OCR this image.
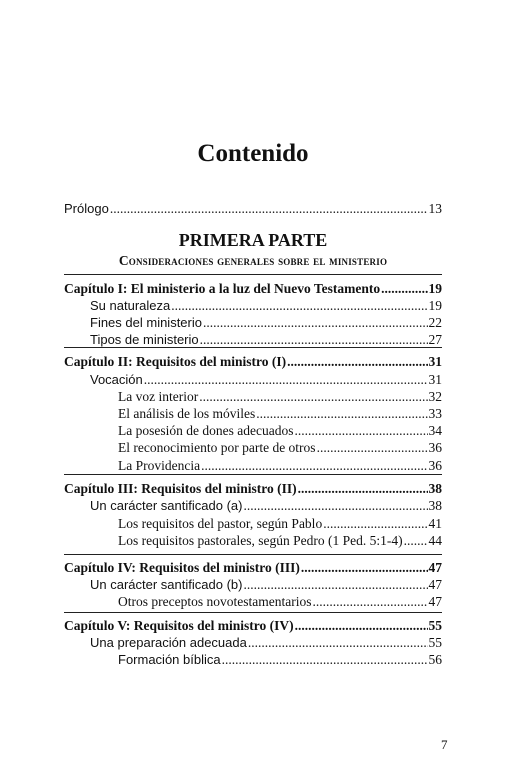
Contenido
Prólogo .....	13
PRIMERA PARTE
Consideraciones generales sobre el ministerio
Capítulo I: El ministerio a la luz del Nuevo Testamento .....	19
Su naturaleza .....	19
Fines del ministerio .....	22
Tipos de ministerio .....	27
Capítulo II: Requisitos del ministro (I) .....	31
Vocación .....	31
La voz interior .....	32
El análisis de los móviles .....	33
La posesión de dones adecuados .....	34
El reconocimiento por parte de otros .....	36
La Providencia .....	36
Capítulo III: Requisitos del ministro (II) .....	38
Un carácter santificado (a) .....	38
Los requisitos del pastor, según Pablo .....	41
Los requisitos pastorales, según Pedro (1 Ped. 5:1-4) ..... 44
Capítulo IV: Requisitos del ministro (III) .....	47
Un carácter santificado (b) .....	47
Otros preceptos novotestamentarios .....	47
Capítulo V: Requisitos del ministro (IV) .....	55
Una preparación adecuada .....	55
Formación bíblica .....	56
7
